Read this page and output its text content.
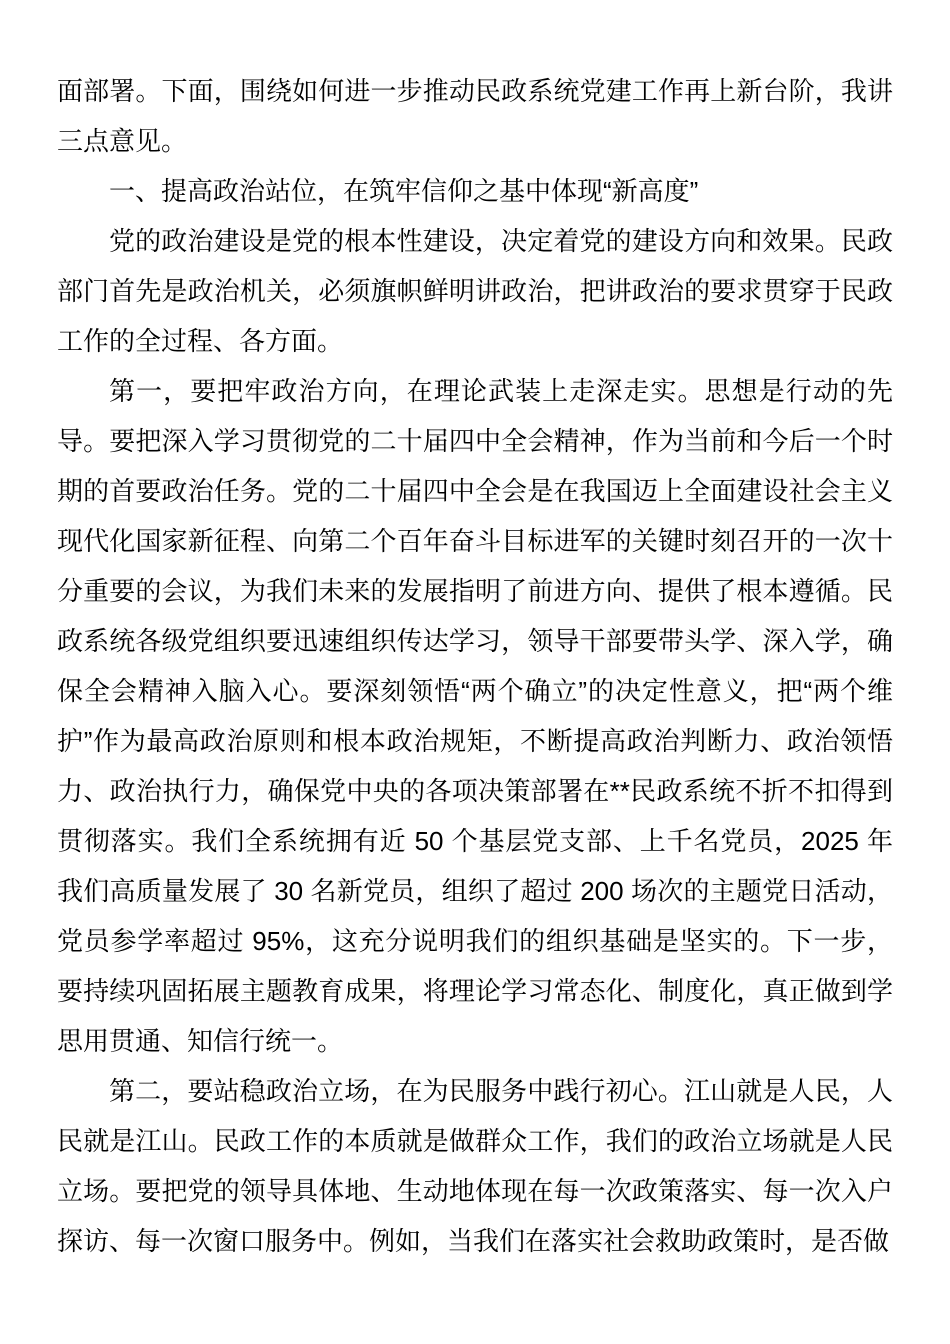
面部署。下面，围绕如何进一步推动民政系统党建工作再上新台阶，我讲三点意见。

一、提高政治站位，在筑牢信仰之基中体现“新高度”

党的政治建设是党的根本性建设，决定着党的建设方向和效果。民政部门首先是政治机关，必须旗帜鲜明讲政治，把讲政治的要求贯穿于民政工作的全过程、各方面。

第一，要把牢政治方向，在理论武装上走深走实。思想是行动的先导。要把深入学习贯彻党的二十届四中全会精神，作为当前和今后一个时期的首要政治任务。党的二十届四中全会是在我国迈上全面建设社会主义现代化国家新征程、向第二个百年奋斗目标进军的关键时刻召开的一次十分重要的会议，为我们未来的发展指明了前进方向、提供了根本遵循。民政系统各级党组织要迅速组织传达学习，领导干部要带头学、深入学，确保全会精神入脑入心。要深刻领悟“两个确立”的决定性意义，把“两个维护”作为最高政治原则和根本政治规矩，不断提高政治判断力、政治领悟力、政治执行力，确保党中央的各项决策部署在**民政系统不折不扣得到贯彻落实。我们全系统拥有近 50 个基层党支部、上千名党员，2025 年我们高质量发展了 30 名新党员，组织了超过 200 场次的主题党日活动，党员参学率超过 95%，这充分说明我们的组织基础是坚实的。下一步，要持续巩固拓展主题教育成果，将理论学习常态化、制度化，真正做到学思用贯通、知信行统一。

第二，要站稳政治立场，在为民服务中践行初心。江山就是人民，人民就是江山。民政工作的本质就是做群众工作，我们的政治立场就是人民立场。要把党的领导具体地、生动地体现在每一次政策落实、每一次入户探访、每一次窗口服务中。例如，当我们在落实社会救助政策时，是否做
